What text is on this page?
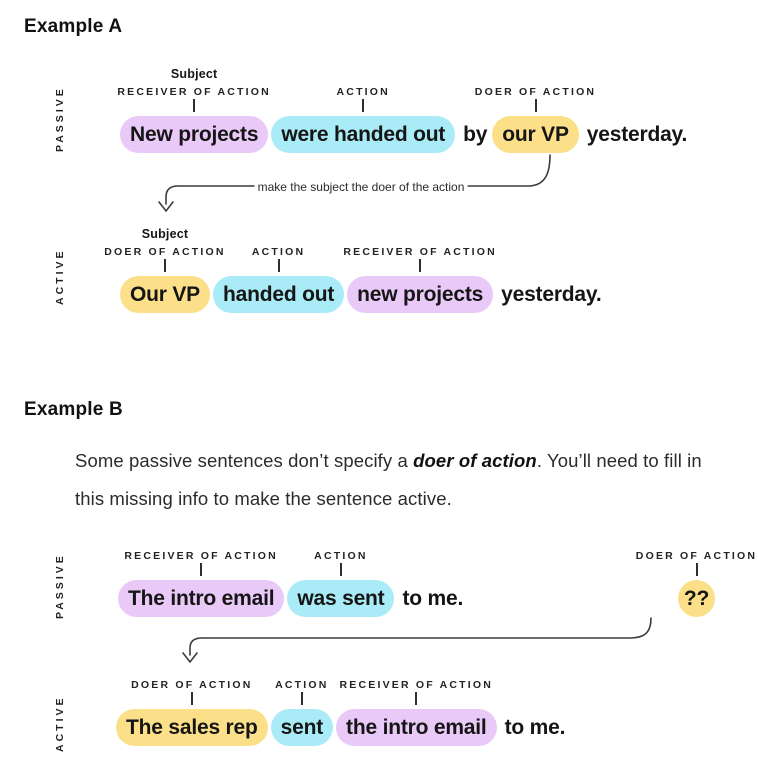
Example A
PASSIVE
Subject
RECEIVER OF ACTION
New projects
ACTION
were handed out by
DOER OF ACTION
our VP yesterday.
make the subject the doer of the action
ACTIVE
Subject
DOER OF ACTION
Our VP
ACTION
handed out
RECEIVER OF ACTION
new projects yesterday.
Example B

Some passive sentences don’t specify a doer of action. You’ll need to fill in this missing info to make the sentence active.

PASSIVE	RECEIVER OF ACTION
The intro email
ACTION
was sent to me.
DOER OF ACTION
??
ACTIVE
DOER OF ACTION
The sales rep
ACTION
sent
RECEIVER OF ACTION
the intro email to me.
